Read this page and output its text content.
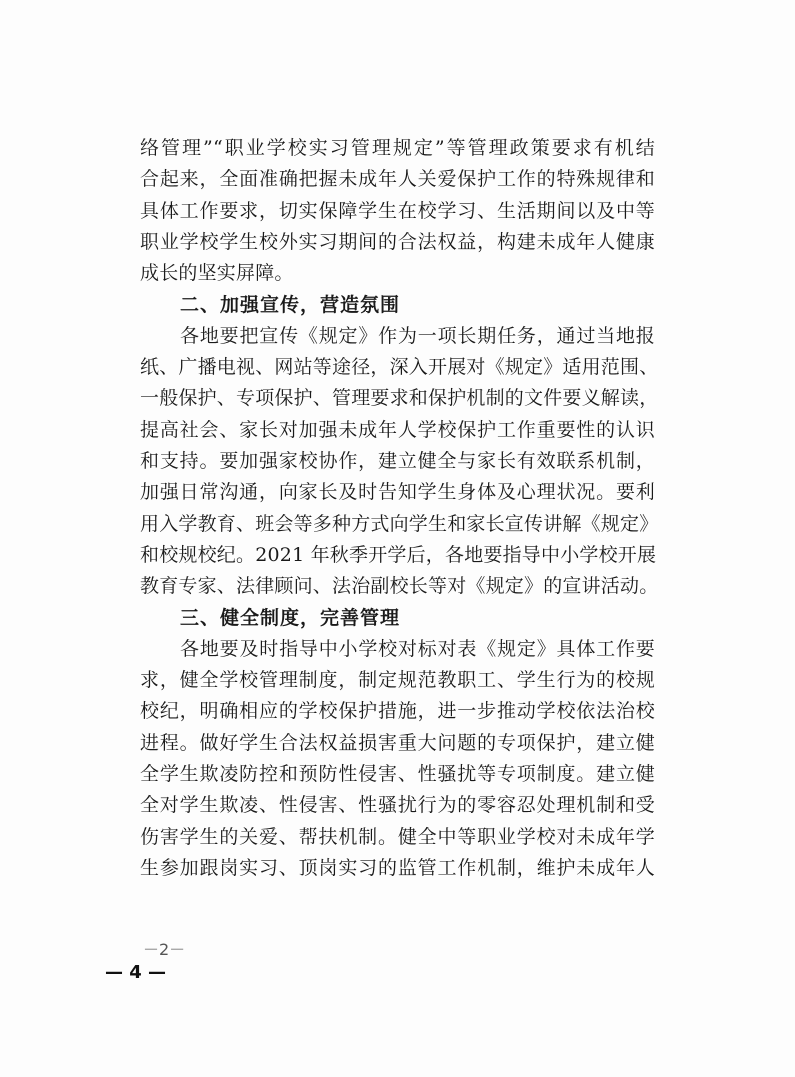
络管理”“职业学校实习管理规定”等管理政策要求有机结
合起来，全面准确把握未成年人关爱保护工作的特殊规律和
具体工作要求，切实保障学生在校学习、生活期间以及中等
职业学校学生校外实习期间的合法权益，构建未成年人健康
成长的坚实屏障。
二、加强宣传，营造氛围
各地要把宣传《规定》作为一项长期任务，通过当地报
纸、广播电视、网站等途径，深入开展对《规定》适用范围、
一般保护、专项保护、管理要求和保护机制的文件要义解读，
提高社会、家长对加强未成年人学校保护工作重要性的认识
和支持。要加强家校协作，建立健全与家长有效联系机制，
加强日常沟通，向家长及时告知学生身体及心理状况。要利
用入学教育、班会等多种方式向学生和家长宣传讲解《规定》
和校规校纪。2021 年秋季开学后，各地要指导中小学校开展
教育专家、法律顾问、法治副校长等对《规定》的宣讲活动。
三、健全制度，完善管理
各地要及时指导中小学校对标对表《规定》具体工作要
求，健全学校管理制度，制定规范教职工、学生行为的校规
校纪，明确相应的学校保护措施，进一步推动学校依法治校
进程。做好学生合法权益损害重大问题的专项保护，建立健
全学生欺凌防控和预防性侵害、性骚扰等专项制度。建立健
全对学生欺凌、性侵害、性骚扰行为的零容忍处理机制和受
伤害学生的关爱、帮扶机制。健全中等职业学校对未成年学
生参加跟岗实习、顶岗实习的监管工作机制，维护未成年人
－2－
— 4 —
